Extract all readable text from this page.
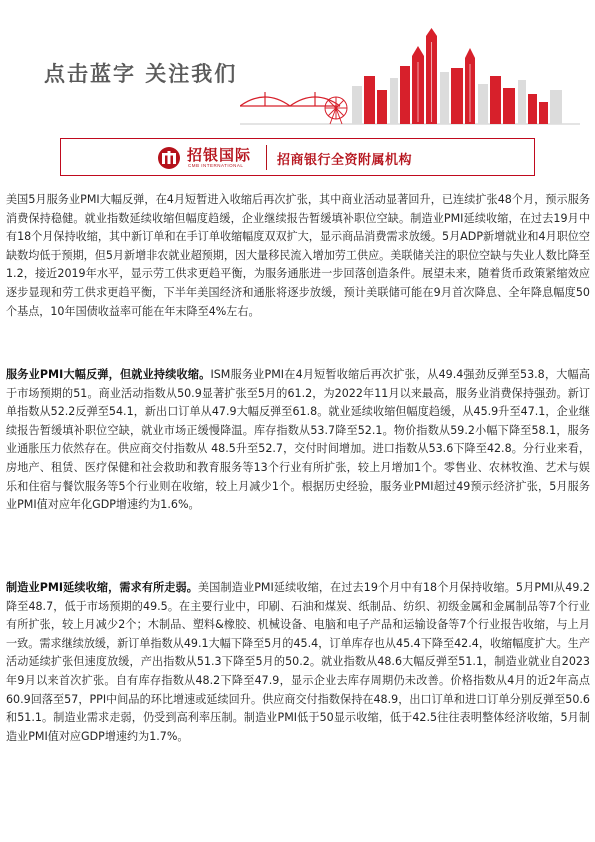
点击蓝字 关注我们
招银国际
CMB INTERNATIONAL	招商银行全资附属机构

美国5月服务业PMI大幅反弹，在4月短暂进入收缩后再次扩张，其中商业活动显著回升，已连续扩张48个月，预示服务消费保持稳健。就业指数延续收缩但幅度趋缓，企业继续报告暂缓填补职位空缺。制造业PMI延续收缩，在过去19月中有18个月保持收缩，其中新订单和在手订单收缩幅度双双扩大，显示商品消费需求放缓。5月ADP新增就业和4月职位空缺数均低于预期，但5月新增非农就业超预期，因大量移民流入增加劳工供应。美联储关注的职位空缺与失业人数比降至1.2，接近2019年水平，显示劳工供求更趋平衡，为服务通胀进一步回落创造条件。展望未来，随着货币政策紧缩效应逐步显现和劳工供求更趋平衡，下半年美国经济和通胀将逐步放缓，预计美联储可能在9月首次降息、全年降息幅度50个基点，10年国债收益率可能在年末降至4%左右。

服务业PMI大幅反弹，但就业持续收缩。ISM服务业PMI在4月短暂收缩后再次扩张，从49.4强劲反弹至53.8，大幅高于市场预期的51。商业活动指数从50.9显著扩张至5月的61.2，为2022年11月以来最高，服务业消费保持强劲。新订单指数从52.2反弹至54.1，新出口订单从47.9大幅反弹至61.8。就业延续收缩但幅度趋缓，从45.9升至47.1，企业继续报告暂缓填补职位空缺，就业市场正缓慢降温。库存指数从53.7降至52.1。物价指数从59.2小幅下降至58.1，服务业通胀压力依然存在。供应商交付指数从 48.5升至52.7，交付时间增加。进口指数从53.6下降至42.8。分行业来看，房地产、租赁、医疗保健和社会救助和教育服务等13个行业有所扩张，较上月增加1个。零售业、农林牧渔、艺术与娱乐和住宿与餐饮服务等5个行业则在收缩，较上月减少1个。根据历史经验，服务业PMI超过49预示经济扩张，5月服务业PMI值对应年化GDP增速约为1.6%。

制造业PMI延续收缩，需求有所走弱。美国制造业PMI延续收缩，在过去19个月中有18个月保持收缩。5月PMI从49.2降至48.7，低于市场预期的49.5。在主要行业中，印刷、石油和煤炭、纸制品、纺织、初级金属和金属制品等7个行业有所扩张，较上月减少2个；木制品、塑料&橡胶、机械设备、电脑和电子产品和运输设备等7个行业报告收缩，与上月一致。需求继续放缓，新订单指数从49.1大幅下降至5月的45.4，订单库存也从45.4下降至42.4，收缩幅度扩大。生产活动延续扩张但速度放缓，产出指数从51.3下降至5月的50.2。就业指数从48.6大幅反弹至51.1，制造业就业自2023年9月以来首次扩张。自有库存指数从48.2下降至47.9，显示企业去库存周期仍未改善。价格指数从4月的近2年高点60.9回落至57，PPI中间品的环比增速或延续回升。供应商交付指数保持在48.9，出口订单和进口订单分别反弹至50.6和51.1。制造业需求走弱，仍受到高利率压制。制造业PMI低于50显示收缩，低于42.5往往表明整体经济收缩，5月制造业PMI值对应GDP增速约为1.7%。
